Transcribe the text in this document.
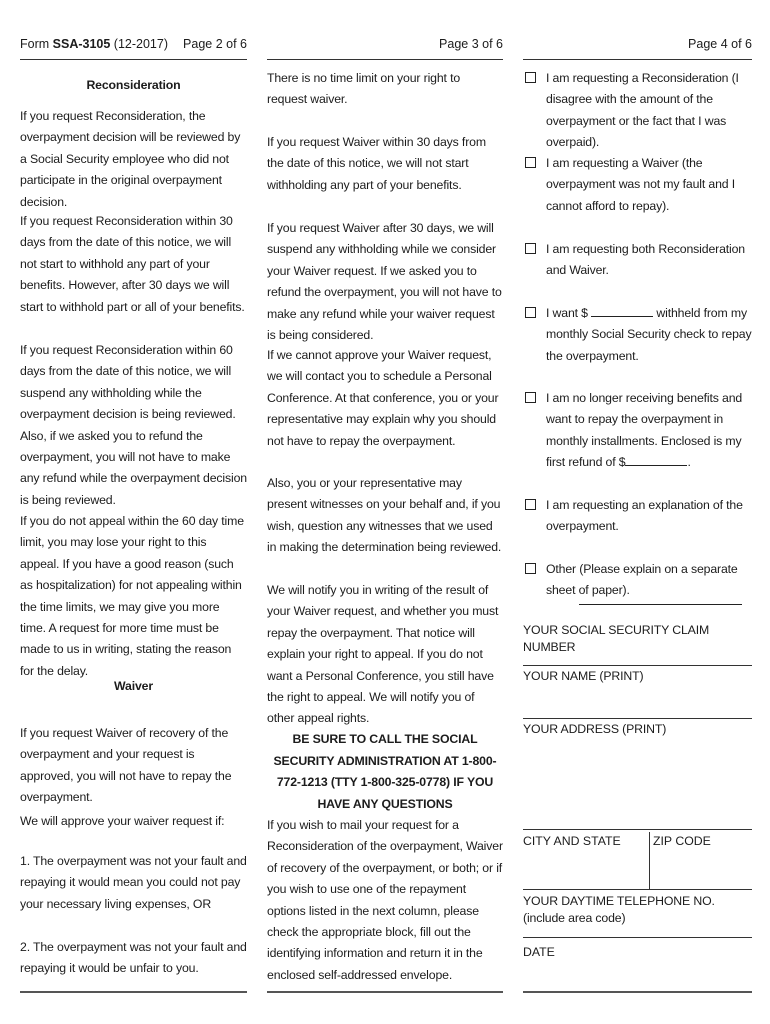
Form SSA-3105 (12-2017) Page 2 of 6
Reconsideration
If you request Reconsideration, the overpayment decision will be reviewed by a Social Security employee who did not participate in the original overpayment decision.
If you request Reconsideration within 30 days from the date of this notice, we will not start to withhold any part of your benefits. However, after 30 days we will start to withhold part or all of your benefits.
If you request Reconsideration within 60 days from the date of this notice, we will suspend any withholding while the overpayment decision is being reviewed. Also, if we asked you to refund the overpayment, you will not have to make any refund while the overpayment decision is being reviewed.
If you do not appeal within the 60 day time limit, you may lose your right to this appeal. If you have a good reason (such as hospitalization) for not appealing within the time limits, we may give you more time. A request for more time must be made to us in writing, stating the reason for the delay.
Waiver
If you request Waiver of recovery of the overpayment and your request is approved, you will not have to repay the overpayment.
We will approve your waiver request if:
1. The overpayment was not your fault and repaying it would mean you could not pay your necessary living expenses, OR
2. The overpayment was not your fault and repaying it would be unfair to you.
Page 3 of 6
There is no time limit on your right to request waiver.
If you request Waiver within 30 days from the date of this notice, we will not start withholding any part of your benefits.
If you request Waiver after 30 days, we will suspend any withholding while we consider your Waiver request. If we asked you to refund the overpayment, you will not have to make any refund while your waiver request is being considered.
If we cannot approve your Waiver request, we will contact you to schedule a Personal Conference. At that conference, you or your representative may explain why you should not have to repay the overpayment.
Also, you or your representative may present witnesses on your behalf and, if you wish, question any witnesses that we used in making the determination being reviewed.
We will notify you in writing of the result of your Waiver request, and whether you must repay the overpayment. That notice will explain your right to appeal. If you do not want a Personal Conference, you still have the right to appeal. We will notify you of other appeal rights.
BE SURE TO CALL THE SOCIAL SECURITY ADMINISTRATION AT 1-800-772-1213 (TTY 1-800-325-0778) IF YOU HAVE ANY QUESTIONS
If you wish to mail your request for a Reconsideration of the overpayment, Waiver of recovery of the overpayment, or both; or if you wish to use one of the repayment options listed in the next column, please check the appropriate block, fill out the identifying information and return it in the enclosed self-addressed envelope.
Page 4 of 6
I am requesting a Reconsideration (I disagree with the amount of the overpayment or the fact that I was overpaid).
I am requesting a Waiver (the overpayment was not my fault and I cannot afford to repay).
I am requesting both Reconsideration and Waiver.
I want $	withheld from my monthly Social Security check to repay the overpayment.
I am no longer receiving benefits and want to repay the overpayment in monthly installments. Enclosed is my first refund of $	.
I am requesting an explanation of the overpayment.
Other (Please explain on a separate sheet of paper).
YOUR SOCIAL SECURITY CLAIM NUMBER
YOUR NAME (PRINT)
YOUR ADDRESS (PRINT)
CITY AND STATE	ZIP CODE
YOUR DAYTIME TELEPHONE NO. (include area code)
DATE
